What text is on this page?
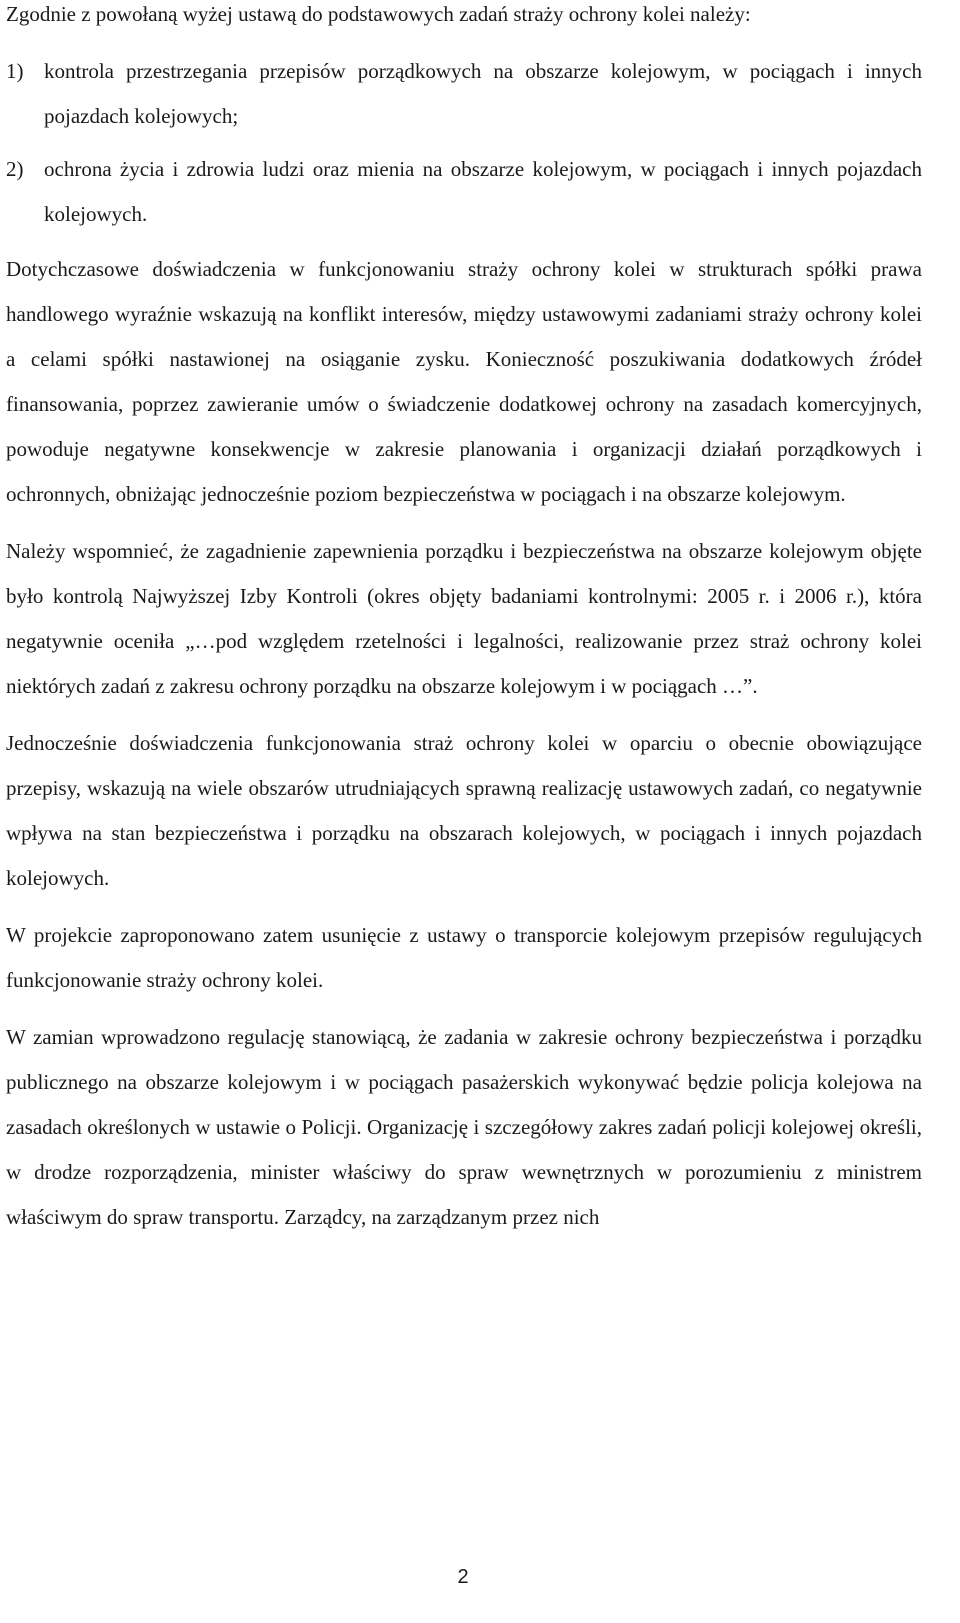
Zgodnie z powołaną wyżej ustawą do podstawowych zadań straży ochrony kolei należy:

1) kontrola przestrzegania przepisów porządkowych na obszarze kolejowym, w pociągach i innych pojazdach kolejowych;
2) ochrona życia i zdrowia ludzi oraz mienia na obszarze kolejowym, w pociągach i innych pojazdach kolejowych.

Dotychczasowe doświadczenia w funkcjonowaniu straży ochrony kolei w strukturach spółki prawa handlowego wyraźnie wskazują na konflikt interesów, między ustawowymi zadaniami straży ochrony kolei a celami spółki nastawionej na osiąganie zysku. Konieczność poszukiwania dodatkowych źródeł finansowania, poprzez zawieranie umów o świadczenie dodatkowej ochrony na zasadach komercyjnych, powoduje negatywne konsekwencje w zakresie planowania i organizacji działań porządkowych i ochronnych, obniżając jednocześnie poziom bezpieczeństwa w pociągach i na obszarze kolejowym.

Należy wspomnieć, że zagadnienie zapewnienia porządku i bezpieczeństwa na obszarze kolejowym objęte było kontrolą Najwyższej Izby Kontroli (okres objęty badaniami kontrolnymi: 2005 r. i 2006 r.), która negatywnie oceniła „…pod względem rzetelności i legalności, realizowanie przez straż ochrony kolei niektórych zadań z zakresu ochrony porządku na obszarze kolejowym i w pociągach …”.

Jednocześnie doświadczenia funkcjonowania straż ochrony kolei w oparciu o obecnie obowiązujące przepisy, wskazują na wiele obszarów utrudniających sprawną realizację ustawowych zadań, co negatywnie wpływa na stan bezpieczeństwa i porządku na obszarach kolejowych, w pociągach i innych pojazdach kolejowych.

W projekcie zaproponowano zatem usunięcie z ustawy o transporcie kolejowym przepisów regulujących funkcjonowanie straży ochrony kolei.

W zamian wprowadzono regulację stanowiącą, że zadania w zakresie ochrony bezpieczeństwa i porządku publicznego na obszarze kolejowym i w pociągach pasażerskich wykonywać będzie policja kolejowa na zasadach określonych w ustawie o Policji. Organizację i szczegółowy zakres zadań policji kolejowej określi, w drodze rozporządzenia, minister właściwy do spraw wewnętrznych w porozumieniu z ministrem właściwym do spraw transportu. Zarządcy, na zarządzanym przez nich

2
